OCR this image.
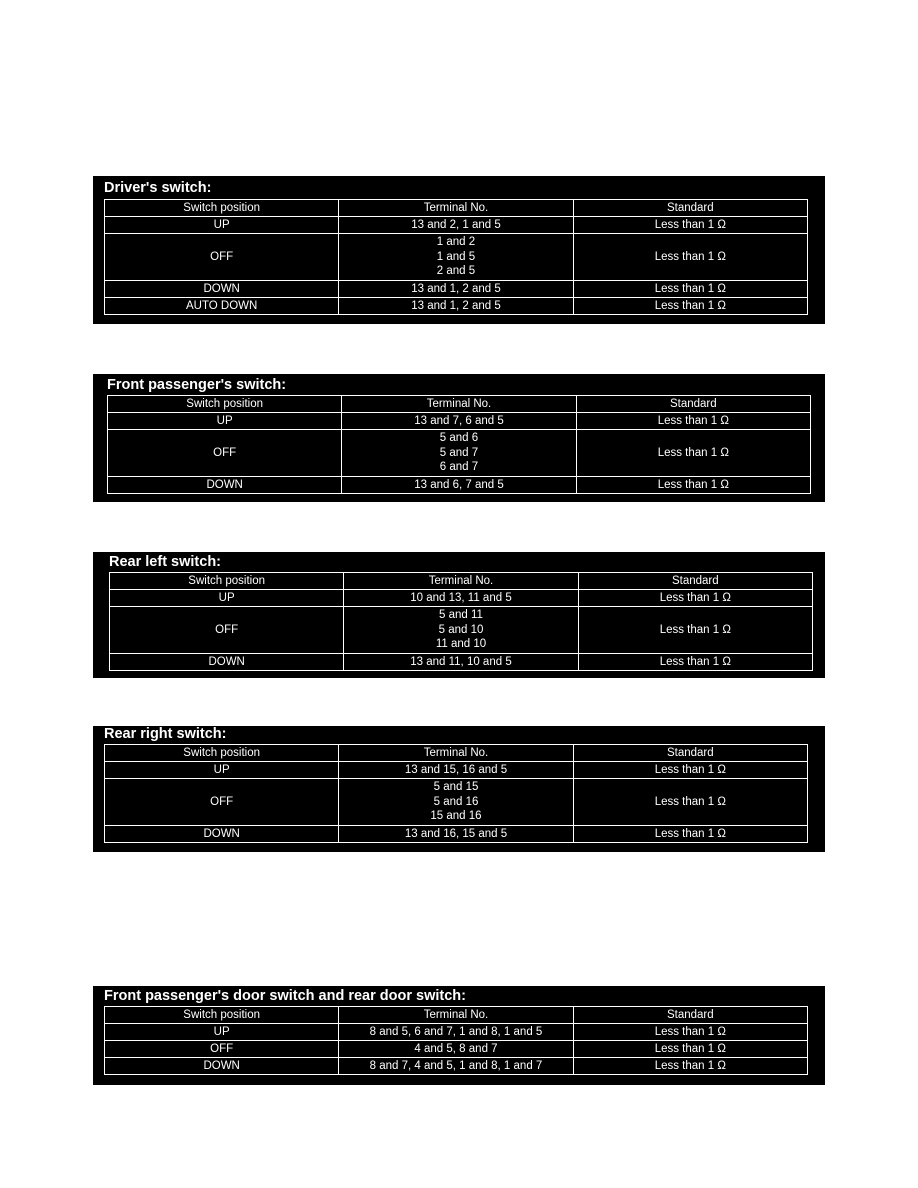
Driver's switch:
Switch position	Terminal No.	Standard
UP	13 and 2, 1 and 5	Less than 1 Ω
OFF	1 and 2
1 and 5
2 and 5	Less than 1 Ω
DOWN	13 and 1, 2 and 5	Less than 1 Ω
AUTO DOWN	13 and 1, 2 and 5	Less than 1 Ω
Front passenger's switch:
Switch position	Terminal No.	Standard
UP	13 and 7, 6 and 5	Less than 1 Ω
OFF	5 and 6
5 and 7
6 and 7	Less than 1 Ω
DOWN	13 and 6, 7 and 5	Less than 1 Ω
Rear left switch:
Switch position	Terminal No.	Standard
UP	10 and 13, 11 and 5	Less than 1 Ω
OFF	5 and 11
5 and 10
11 and 10	Less than 1 Ω
DOWN	13 and 11, 10 and 5	Less than 1 Ω
Rear right switch:
Switch position	Terminal No.	Standard
UP	13 and 15, 16 and 5	Less than 1 Ω
OFF	5 and 15
5 and 16
15 and 16	Less than 1 Ω
DOWN	13 and 16, 15 and 5	Less than 1 Ω
Front passenger's door switch and rear door switch:
Switch position	Terminal No.	Standard
UP	8 and 5, 6 and 7, 1 and 8, 1 and 5	Less than 1 Ω
OFF	4 and 5, 8 and 7	Less than 1 Ω
DOWN	8 and 7, 4 and 5, 1 and 8, 1 and 7	Less than 1 Ω
